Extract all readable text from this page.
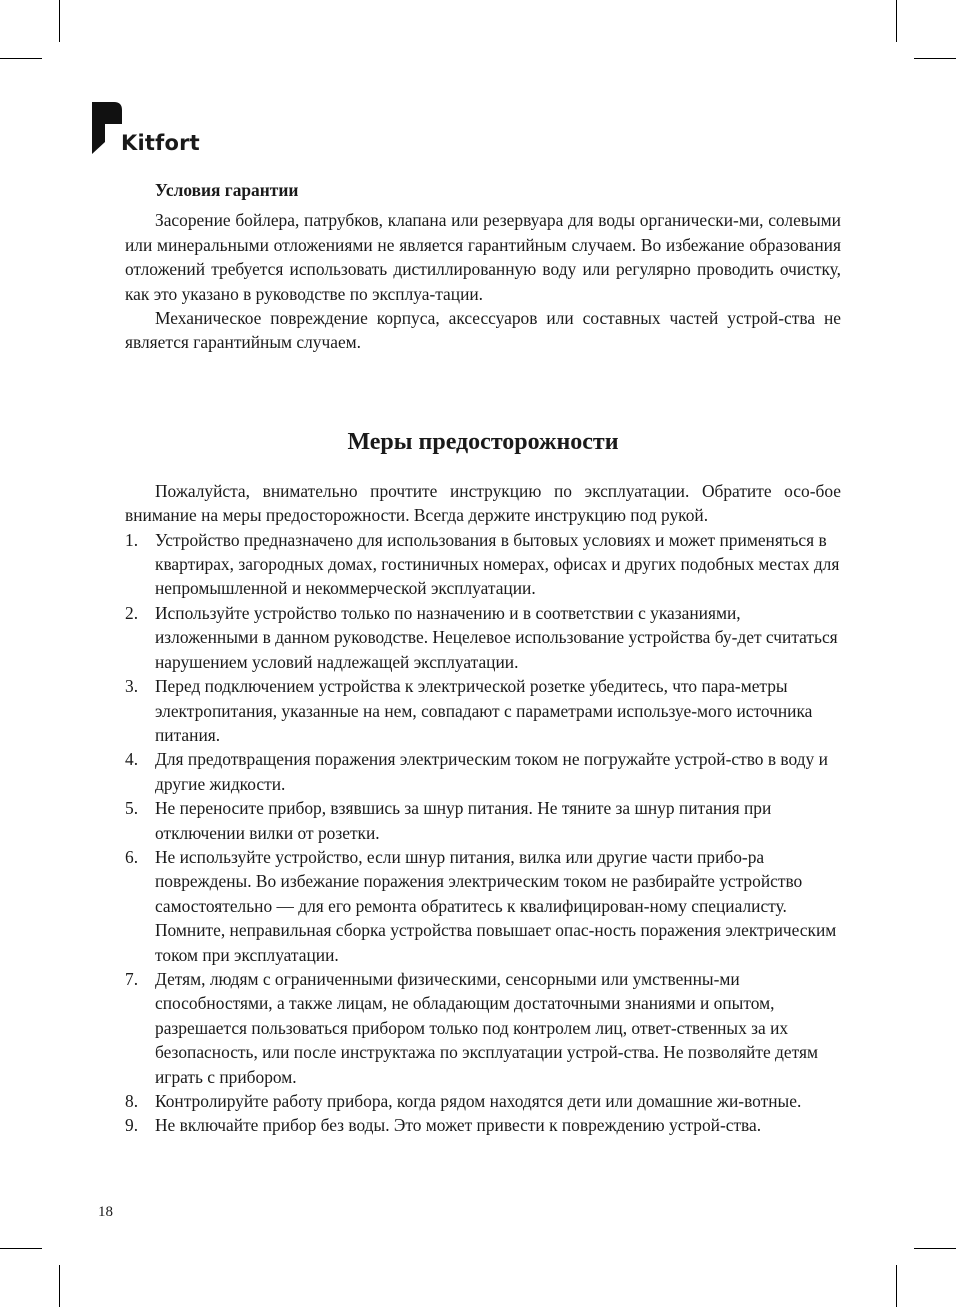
Kitfort
Условия гарантии

Засорение бойлера, патрубков, клапана или резервуара для воды органически-ми, солевыми или минеральными отложениями не является гарантийным случаем. Во избежание образования отложений требуется использовать дистиллированную воду или регулярно проводить очистку, как это указано в руководстве по эксплуа-тации.

Механическое повреждение корпуса, аксессуаров или составных частей устрой-ства не является гарантийным случаем.

Меры предосторожности

Пожалуйста, внимательно прочтите инструкцию по эксплуатации. Обратите осо-бое внимание на меры предосторожности. Всегда держите инструкцию под рукой.

1. Устройство предназначено для использования в бытовых условиях и может применяться в квартирах, загородных домах, гостиничных номерах, офисах и других подобных местах для непромышленной и некоммерческой эксплуатации.
2. Используйте устройство только по назначению и в соответствии с указаниями, изложенными в данном руководстве. Нецелевое использование устройства бу-дет считаться нарушением условий надлежащей эксплуатации.
3. Перед подключением устройства к электрической розетке убедитесь, что пара-метры электропитания, указанные на нем, совпадают с параметрами используе-мого источника питания.
4. Для предотвращения поражения электрическим током не погружайте устрой-ство в воду и другие жидкости.
5. Не переносите прибор, взявшись за шнур питания. Не тяните за шнур питания при отключении вилки от розетки.
6. Не используйте устройство, если шнур питания, вилка или другие части прибо-ра повреждены. Во избежание поражения электрическим током не разбирайте устройство самостоятельно — для его ремонта обратитесь к квалифицирован-ному специалисту. Помните, неправильная сборка устройства повышает опас-ность поражения электрическим током при эксплуатации.
7. Детям, людям с ограниченными физическими, сенсорными или умственны-ми способностями, а также лицам, не обладающим достаточными знаниями и опытом, разрешается пользоваться прибором только под контролем лиц, ответ-ственных за их безопасность, или после инструктажа по эксплуатации устрой-ства. Не позволяйте детям играть с прибором.
8. Контролируйте работу прибора, когда рядом находятся дети или домашние жи-вотные.
9. Не включайте прибор без воды. Это может привести к повреждению устрой-ства.
18
